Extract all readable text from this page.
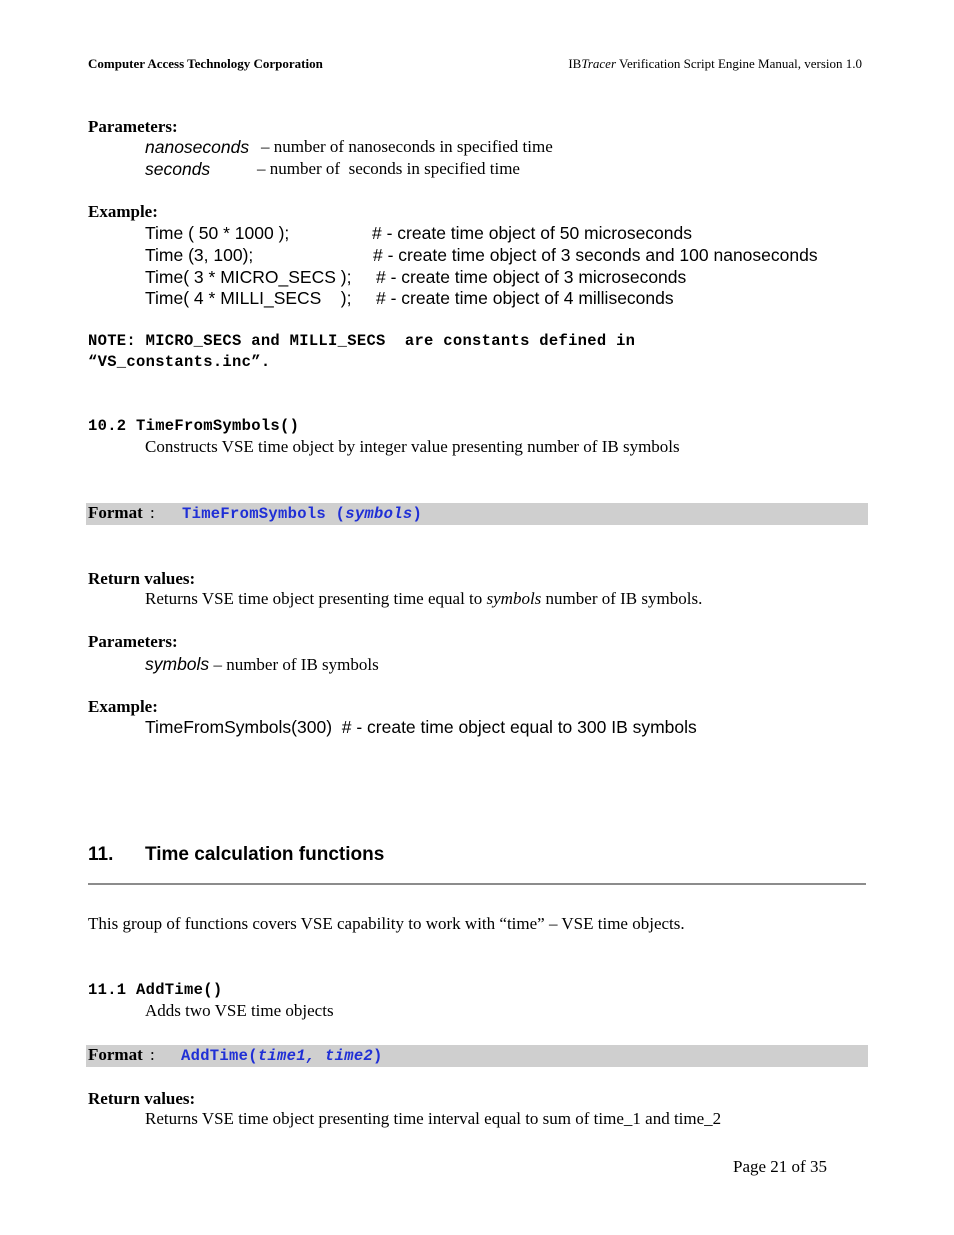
Computer Access Technology Corporation	IBTracer Verification Script Engine Manual, version 1.0
Parameters:
nanoseconds – number of nanoseconds in specified time
seconds	– number of  seconds in specified time
Example:
Time ( 50 * 1000 );	# - create time object of 50 microseconds
Time (3, 100);	# - create time object of 3 seconds and 100 nanoseconds
Time( 3 * MICRO_SECS ); # - create time object of 3 microseconds
Time( 4 * MILLI_SECS    ); # - create time object of 4 milliseconds
NOTE: MICRO_SECS and MILLI_SECS  are constants defined in
“VS_constants.inc”.
10.2 TimeFromSymbols()
Constructs VSE time object by integer value presenting number of IB symbols
Format : TimeFromSymbols (symbols)
Return values:
Returns VSE time object presenting time equal to symbols number of IB symbols.
Parameters:
symbols – number of IB symbols
Example:
TimeFromSymbols(300)  # - create time object equal to 300 IB symbols
11. Time calculation functions
This group of functions covers VSE capability to work with “time” – VSE time objects.
11.1 AddTime()
Adds two VSE time objects
Format : AddTime(time1, time2)
Return values:
Returns VSE time object presenting time interval equal to sum of time_1 and time_2
Page 21 of 35
